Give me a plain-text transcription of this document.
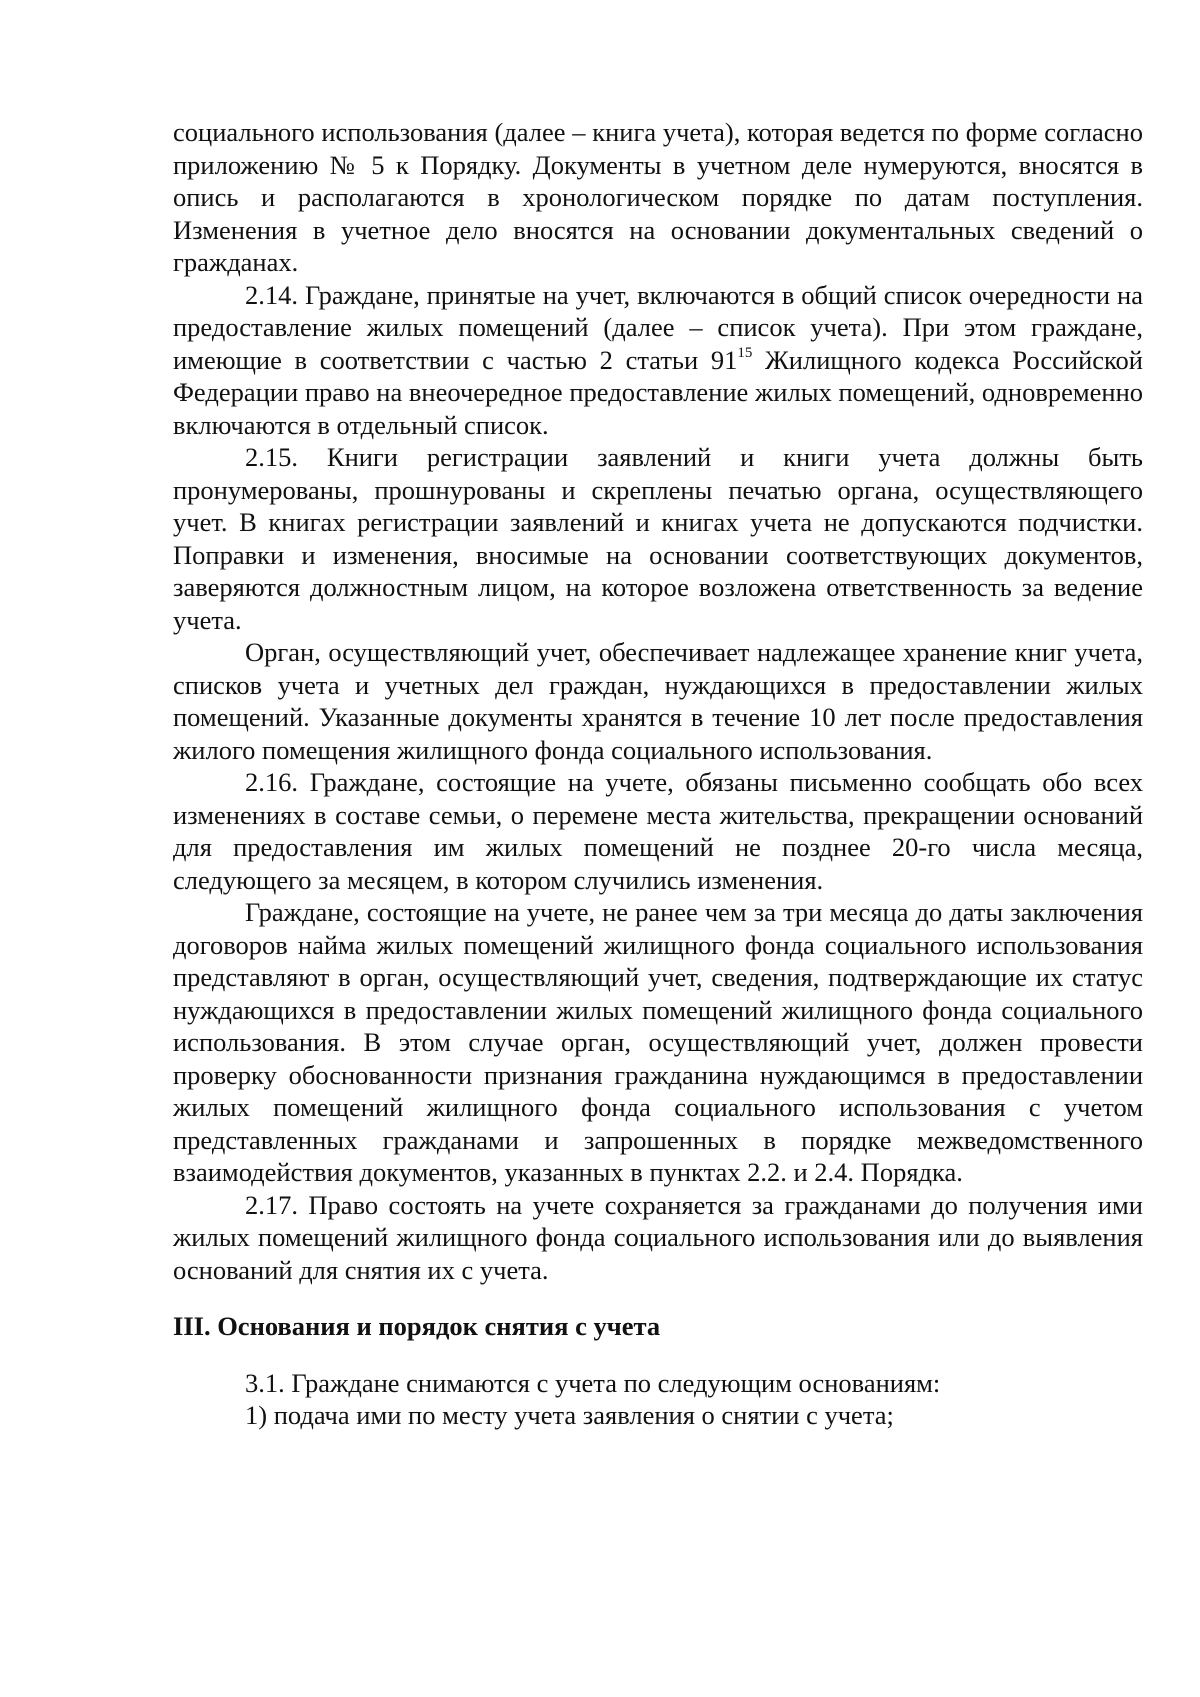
социального использования (далее – книга учета), которая ведется по форме согласно приложению № 5 к Порядку. Документы в учетном деле нумеруются, вносятся в опись и располагаются в хронологическом порядке по датам поступления. Изменения в учетное дело вносятся на основании документальных сведений о гражданах.

2.14. Граждане, принятые на учет, включаются в общий список очередности на предоставление жилых помещений (далее – список учета). При этом граждане, имеющие в соответствии с частью 2 статьи $91^{15}$ Жилищного кодекса Российской Федерации право на внеочередное предоставление жилых помещений, одновременно включаются в отдельный список.

2.15. Книги регистрации заявлений и книги учета должны быть пронумерованы, прошнурованы и скреплены печатью органа, осуществляющего учет. В книгах регистрации заявлений и книгах учета не допускаются подчистки. Поправки и изменения, вносимые на основании соответствующих документов, заверяются должностным лицом, на которое возложена ответственность за ведение учета.

Орган, осуществляющий учет, обеспечивает надлежащее хранение книг учета, списков учета и учетных дел граждан, нуждающихся в предоставлении жилых помещений. Указанные документы хранятся в течение 10 лет после предоставления жилого помещения жилищного фонда социального использования.

2.16. Граждане, состоящие на учете, обязаны письменно сообщать обо всех изменениях в составе семьи, о перемене места жительства, прекращении оснований для предоставления им жилых помещений не позднее 20-го числа месяца, следующего за месяцем, в котором случились изменения.

Граждане, состоящие на учете, не ранее чем за три месяца до даты заключения договоров найма жилых помещений жилищного фонда социального использования представляют в орган, осуществляющий учет, сведения, подтверждающие их статус нуждающихся в предоставлении жилых помещений жилищного фонда социального использования. В этом случае орган, осуществляющий учет, должен провести проверку обоснованности признания гражданина нуждающимся в предоставлении жилых помещений жилищного фонда социального использования с учетом представленных гражданами и запрошенных в порядке межведомственного взаимодействия документов, указанных в пунктах 2.2. и 2.4. Порядка.

2.17. Право состоять на учете сохраняется за гражданами до получения ими жилых помещений жилищного фонда социального использования или до выявления оснований для снятия их с учета.

III. Основания и порядок снятия с учета

3.1. Граждане снимаются с учета по следующим основаниям:

1) подача ими по месту учета заявления о снятии с учета;
